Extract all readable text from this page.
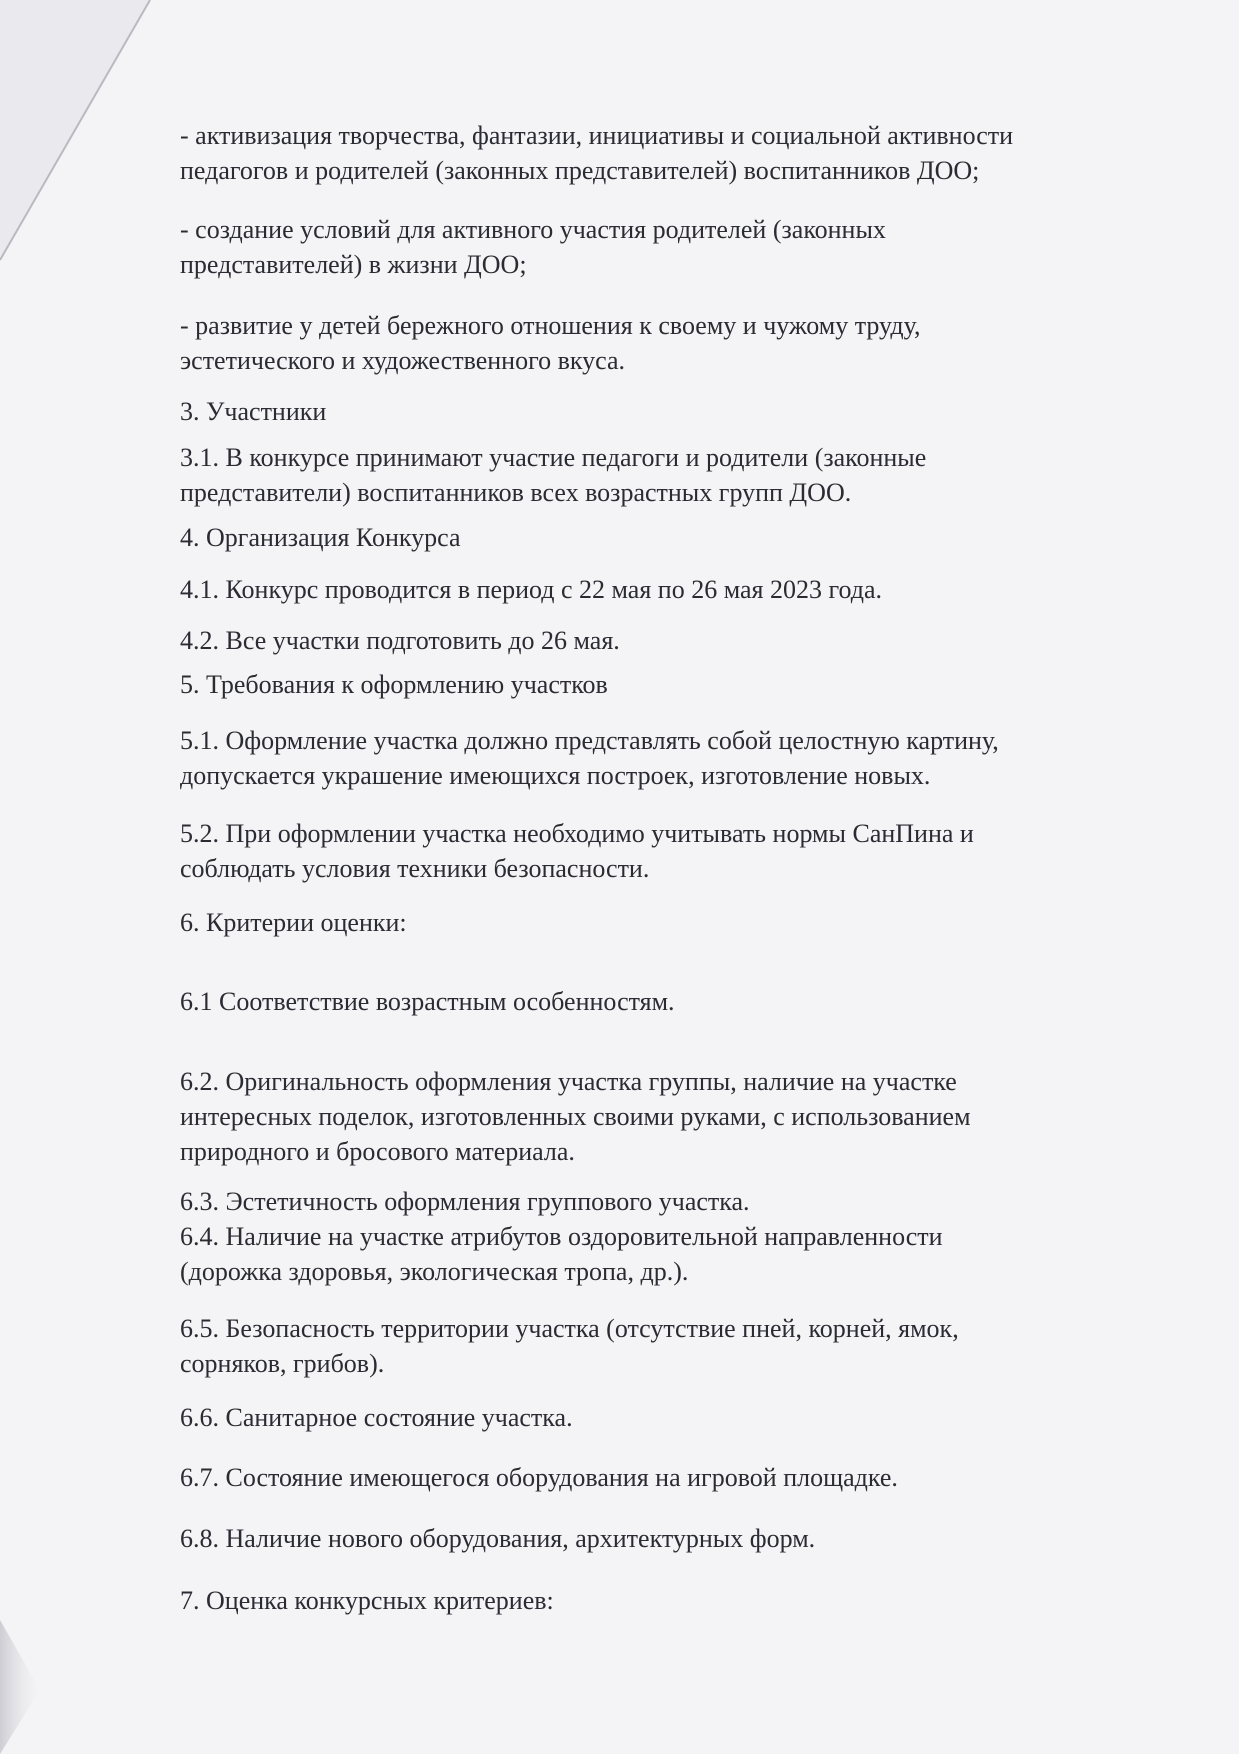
- активизация творчества, фантазии, инициативы и социальной активности
педагогов и родителей (законных представителей) воспитанников ДОО;

- создание условий для активного участия родителей (законных
представителей) в жизни ДОО;

- развитие у детей бережного отношения к своему и чужому труду,
эстетического и художественного вкуса.

3. Участники

3.1. В конкурсе принимают участие педагоги и родители (законные
представители) воспитанников всех возрастных групп ДОО.

4. Организация Конкурса

4.1. Конкурс проводится в период с 22 мая по 26 мая 2023 года.

4.2. Все участки подготовить до 26 мая.

5. Требования к оформлению участков

5.1. Оформление участка должно представлять собой целостную картину,
допускается украшение имеющихся построек, изготовление новых.

5.2. При оформлении участка необходимо учитывать нормы СанПина и
соблюдать условия техники безопасности.

6. Критерии оценки:

6.1 Соответствие возрастным особенностям.

6.2. Оригинальность оформления участка группы, наличие на участке
интересных поделок, изготовленных своими руками, с использованием
природного и бросового материала.

6.3. Эстетичность оформления группового участка.
6.4. Наличие на участке атрибутов оздоровительной направленности
(дорожка здоровья, экологическая тропа, др.).

6.5. Безопасность территории участка (отсутствие пней, корней, ямок,
сорняков, грибов).

6.6. Санитарное состояние участка.

6.7. Состояние имеющегося оборудования на игровой площадке.

6.8. Наличие нового оборудования, архитектурных форм.

7. Оценка конкурсных критериев:
